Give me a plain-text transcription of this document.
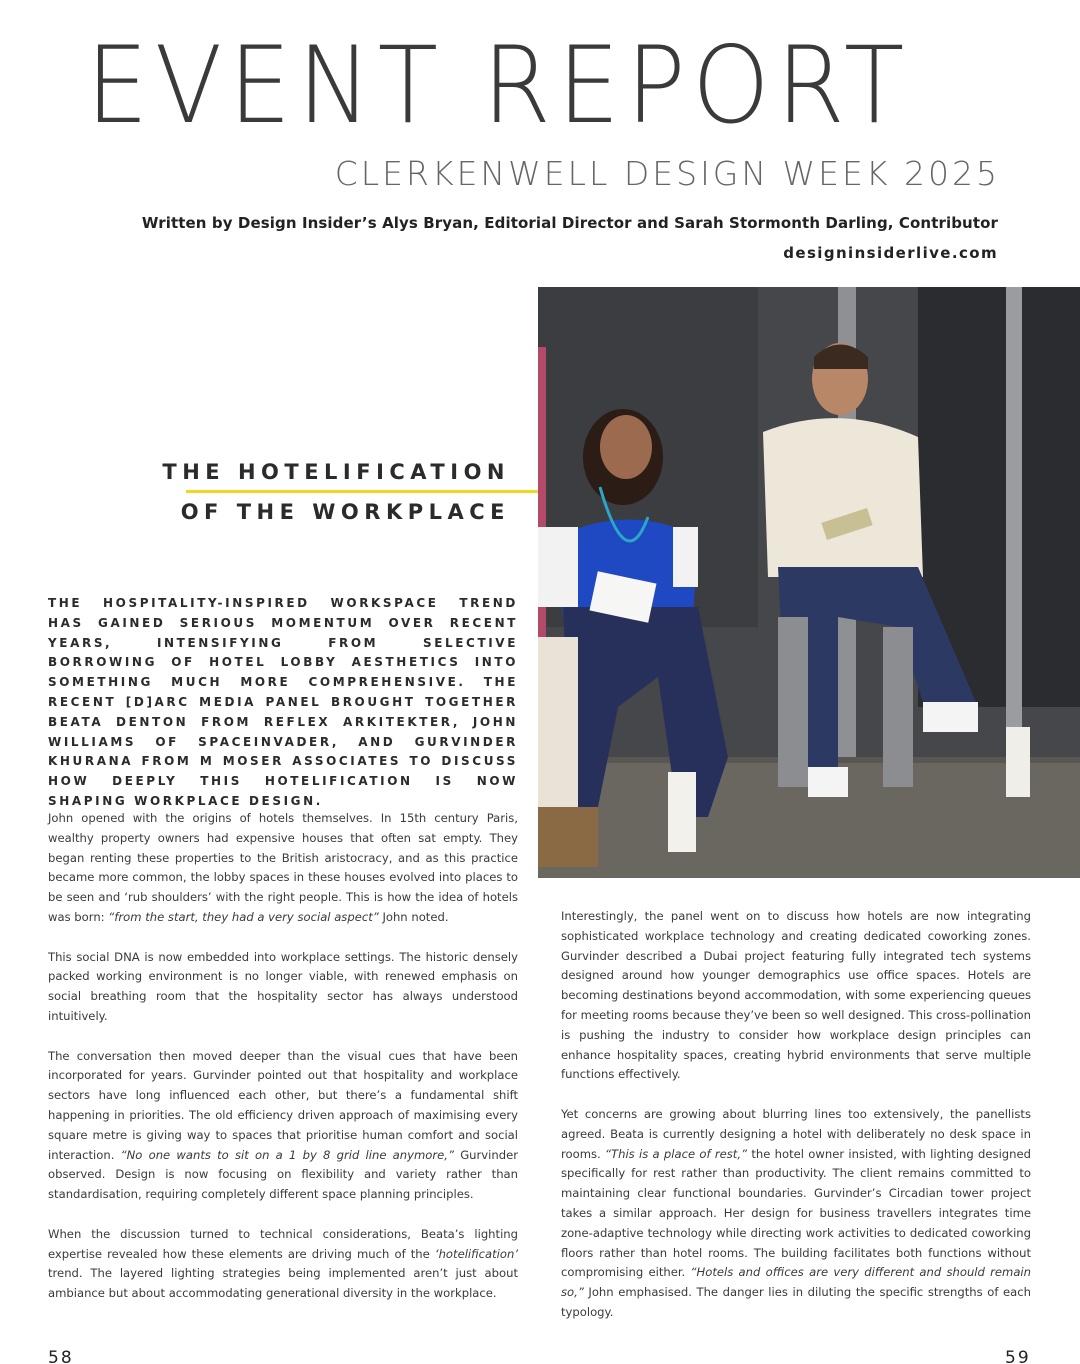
EVENT REPORT
CLERKENWELL DESIGN WEEK 2025
Written by Design Insider’s Alys Bryan, Editorial Director and Sarah Stormonth Darling, Contributor
designinsiderlive.com
THE HOTELIFICATION
OF THE WORKPLACE
THE HOSPITALITY-INSPIRED WORKSPACE TREND HAS GAINED SERIOUS MOMENTUM OVER RECENT YEARS, INTENSIFYING FROM SELECTIVE BORROWING OF HOTEL LOBBY AESTHETICS INTO SOMETHING MUCH MORE COMPREHENSIVE. THE RECENT [D]ARC MEDIA PANEL BROUGHT TOGETHER BEATA DENTON FROM REFLEX ARKITEKTER, JOHN WILLIAMS OF SPACEINVADER, AND GURVINDER KHURANA FROM M MOSER ASSOCIATES TO DISCUSS HOW DEEPLY THIS HOTELIFICATION IS NOW SHAPING WORKPLACE DESIGN.

John opened with the origins of hotels themselves. In 15th century Paris, wealthy property owners had expensive houses that often sat empty. They began renting these properties to the British aristocracy, and as this practice became more common, the lobby spaces in these houses evolved into places to be seen and ‘rub shoulders’ with the right people. This is how the idea of hotels was born: “from the start, they had a very social aspect” John noted.

This social DNA is now embedded into workplace settings. The historic densely packed working environment is no longer viable, with renewed emphasis on social breathing room that the hospitality sector has always understood intuitively.

The conversation then moved deeper than the visual cues that have been incorporated for years. Gurvinder pointed out that hospitality and workplace sectors have long influenced each other, but there’s a fundamental shift happening in priorities. The old efficiency driven approach of maximising every square metre is giving way to spaces that prioritise human comfort and social interaction. “No one wants to sit on a 1 by 8 grid line anymore,” Gurvinder observed. Design is now focusing on flexibility and variety rather than standardisation, requiring completely different space planning principles.

When the discussion turned to technical considerations, Beata’s lighting expertise revealed how these elements are driving much of the ‘hotelification’ trend. The layered lighting strategies being implemented aren’t just about ambiance but about accommodating generational diversity in the workplace.

Interestingly, the panel went on to discuss how hotels are now integrating sophisticated workplace technology and creating dedicated coworking zones. Gurvinder described a Dubai project featuring fully integrated tech systems designed around how younger demographics use office spaces. Hotels are becoming destinations beyond accommodation, with some experiencing queues for meeting rooms because they’ve been so well designed. This cross-pollination is pushing the industry to consider how workplace design principles can enhance hospitality spaces, creating hybrid environments that serve multiple functions effectively.

Yet concerns are growing about blurring lines too extensively, the panellists agreed. Beata is currently designing a hotel with deliberately no desk space in rooms. “This is a place of rest,” the hotel owner insisted, with lighting designed specifically for rest rather than productivity. The client remains committed to maintaining clear functional boundaries. Gurvinder’s Circadian tower project takes a similar approach. Her design for business travellers integrates time zone-adaptive technology while directing work activities to dedicated coworking floors rather than hotel rooms. The building facilitates both functions without compromising either. “Hotels and offices are very different and should remain so,” John emphasised. The danger lies in diluting the specific strengths of each typology.

58	59
